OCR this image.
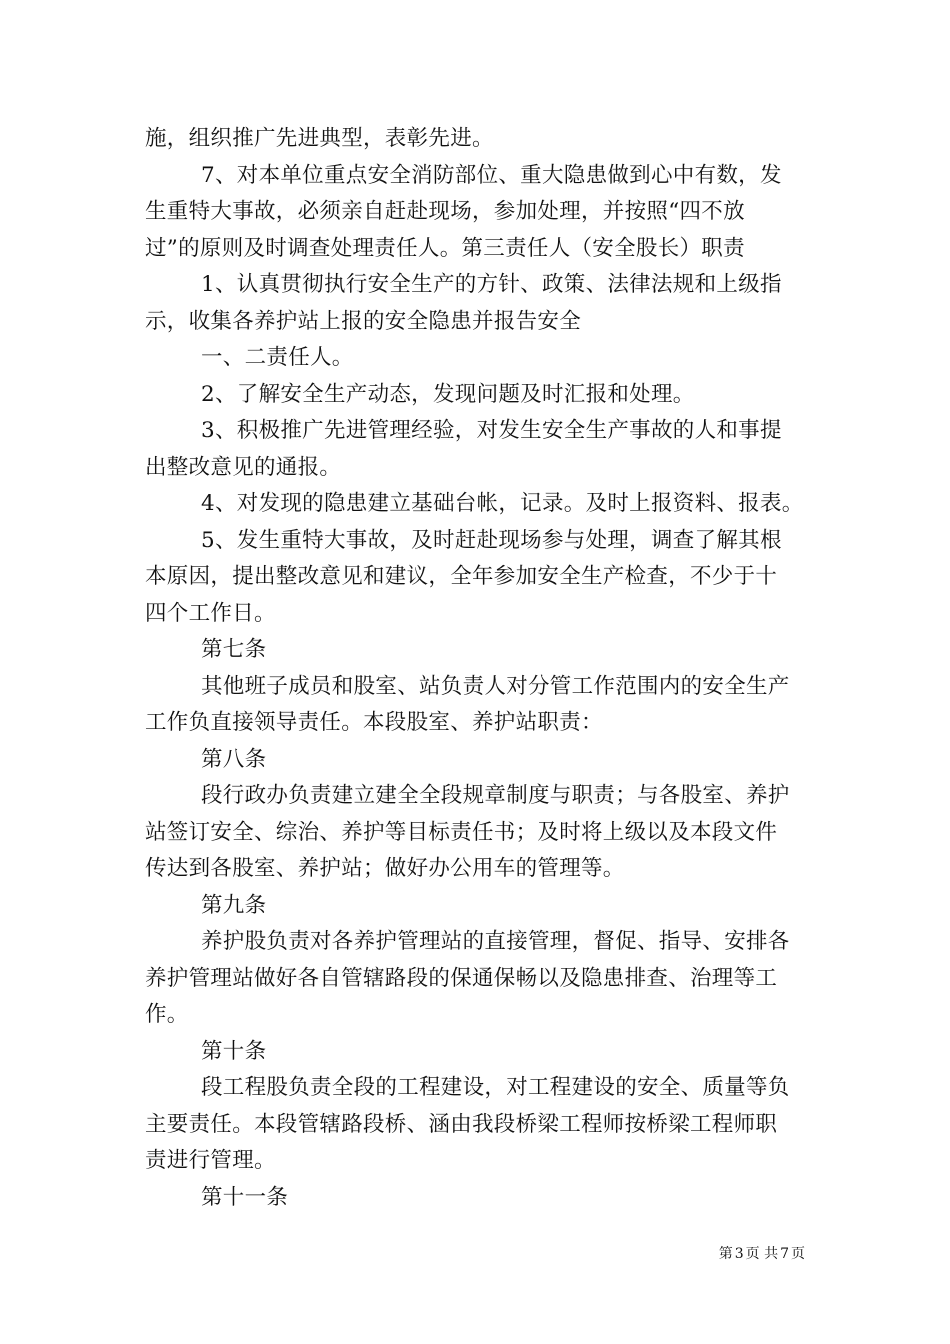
施，组织推广先进典型，表彰先进。
7、对本单位重点安全消防部位、重大隐患做到心中有数，发
生重特大事故，必须亲自赶赴现场，参加处理，并按照“四不放
过”的原则及时调查处理责任人。第三责任人（安全股长）职责
1、认真贯彻执行安全生产的方针、政策、法律法规和上级指
示，收集各养护站上报的安全隐患并报告安全
一、二责任人。
2、了解安全生产动态，发现问题及时汇报和处理。
3、积极推广先进管理经验，对发生安全生产事故的人和事提
出整改意见的通报。
4、对发现的隐患建立基础台帐，记录。及时上报资料、报表。
5、发生重特大事故，及时赶赴现场参与处理，调查了解其根
本原因，提出整改意见和建议，全年参加安全生产检查，不少于十
四个工作日。
第七条
其他班子成员和股室、站负责人对分管工作范围内的安全生产
工作负直接领导责任。本段股室、养护站职责：
第八条
段行政办负责建立建全全段规章制度与职责；与各股室、养护
站签订安全、综治、养护等目标责任书；及时将上级以及本段文件
传达到各股室、养护站；做好办公用车的管理等。
第九条
养护股负责对各养护管理站的直接管理，督促、指导、安排各
养护管理站做好各自管辖路段的保通保畅以及隐患排查、治理等工
作。
第十条
段工程股负责全段的工程建设，对工程建设的安全、质量等负
主要责任。本段管辖路段桥、涵由我段桥梁工程师按桥梁工程师职
责进行管理。
第十一条
第 3 页 共 7 页
